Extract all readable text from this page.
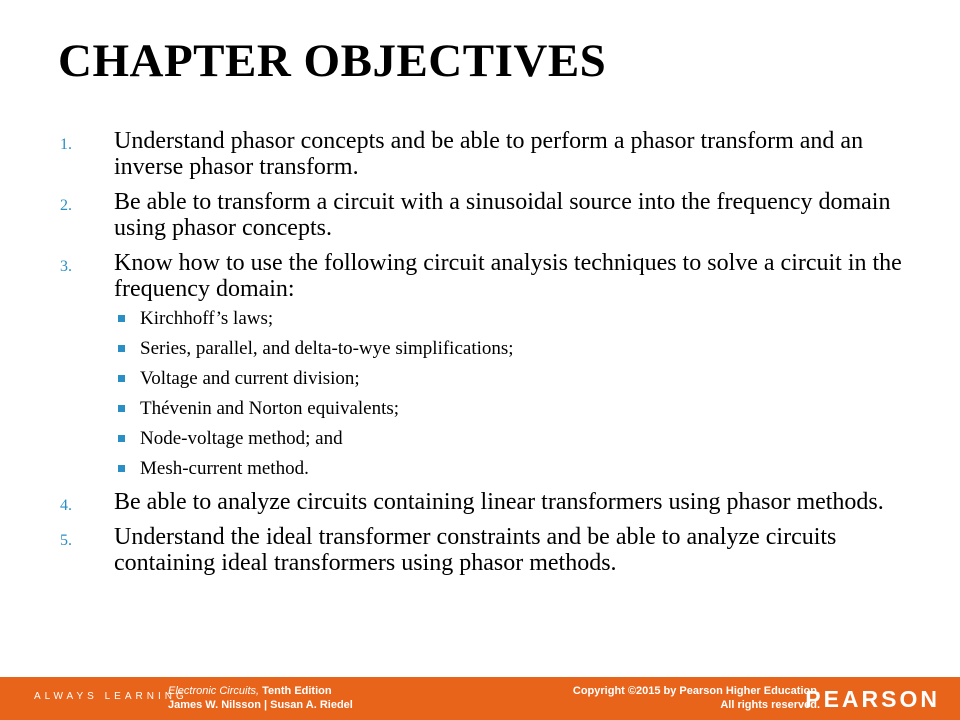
CHAPTER OBJECTIVES
1. Understand phasor concepts and be able to perform a phasor transform and an inverse phasor transform.
2. Be able to transform a circuit with a sinusoidal source into the frequency domain using phasor concepts.
3. Know how to use the following circuit analysis techniques to solve a circuit in the frequency domain:
Kirchhoff’s laws;
Series, parallel, and delta-to-wye simplifications;
Voltage and current division;
Thévenin and Norton equivalents;
Node-voltage method; and
Mesh-current method.
4. Be able to analyze circuits containing linear transformers using phasor methods.
5. Understand the ideal transformer constraints and be able to analyze circuits containing ideal transformers using phasor methods.
ALWAYS LEARNING
Electronic Circuits, Tenth Edition
James W. Nilsson | Susan A. Riedel
Copyright ©2015 by Pearson Higher Education.
All rights reserved.
PEARSON
